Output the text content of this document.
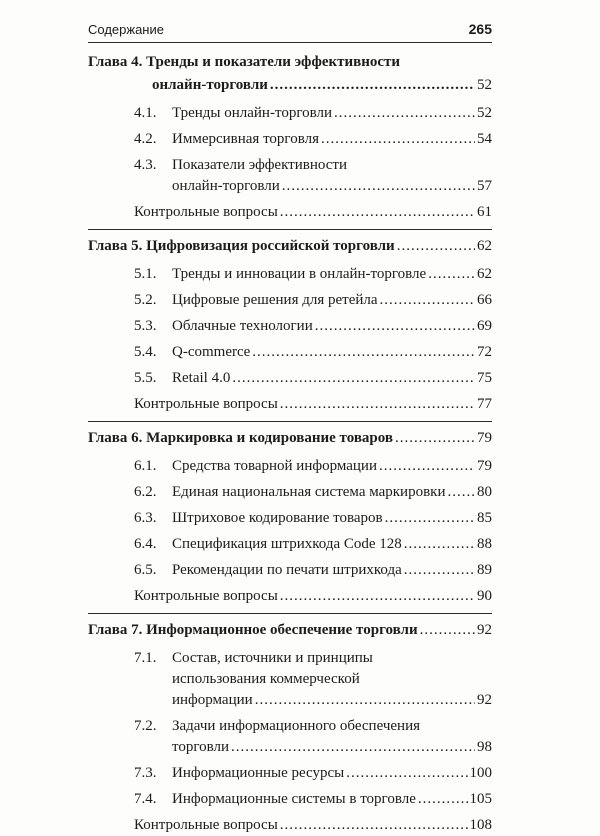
Содержание	265
Глава 4. Тренды и показатели эффективности
онлайн-торговли .....	52
4.1.	Тренды онлайн-торговли .....	52
4.2.	Иммерсивная торговля .....	54
4.3. Показатели эффективности
онлайн-торговли .....	57
Контрольные вопросы .....	61
Глава 5. Цифровизация российской торговли .....	62
5.1.	Тренды и инновации в онлайн-торговле .....	62
5.2.	Цифровые решения для ретейла .....	66
5.3.	Облачные технологии .....	69
5.4.	Q-commerce .....	72
5.5.	Retail 4.0 .....	75
Контрольные вопросы .....	77
Глава 6. Маркировка и кодирование товаров .....	79
6.1.	Средства товарной информации .....	79
6.2.	Единая национальная система маркировки ..... 80
6.3.	Штриховое кодирование товаров .....	85
6.4.	Спецификация штрихкода Code 128 .....	88
6.5.	Рекомендации по печати штрихкода .....	89
Контрольные вопросы .....	90
Глава 7. Информационное обеспечение торговли .....	92
7.1. Состав, источники и принципы
использования коммерческой
информации .....	92
7.2. Задачи информационного обеспечения
торговли .....	98
7.3.	Информационные ресурсы .....	100
7.4.	Информационные системы в торговле .....	105
Контрольные вопросы .....	108
